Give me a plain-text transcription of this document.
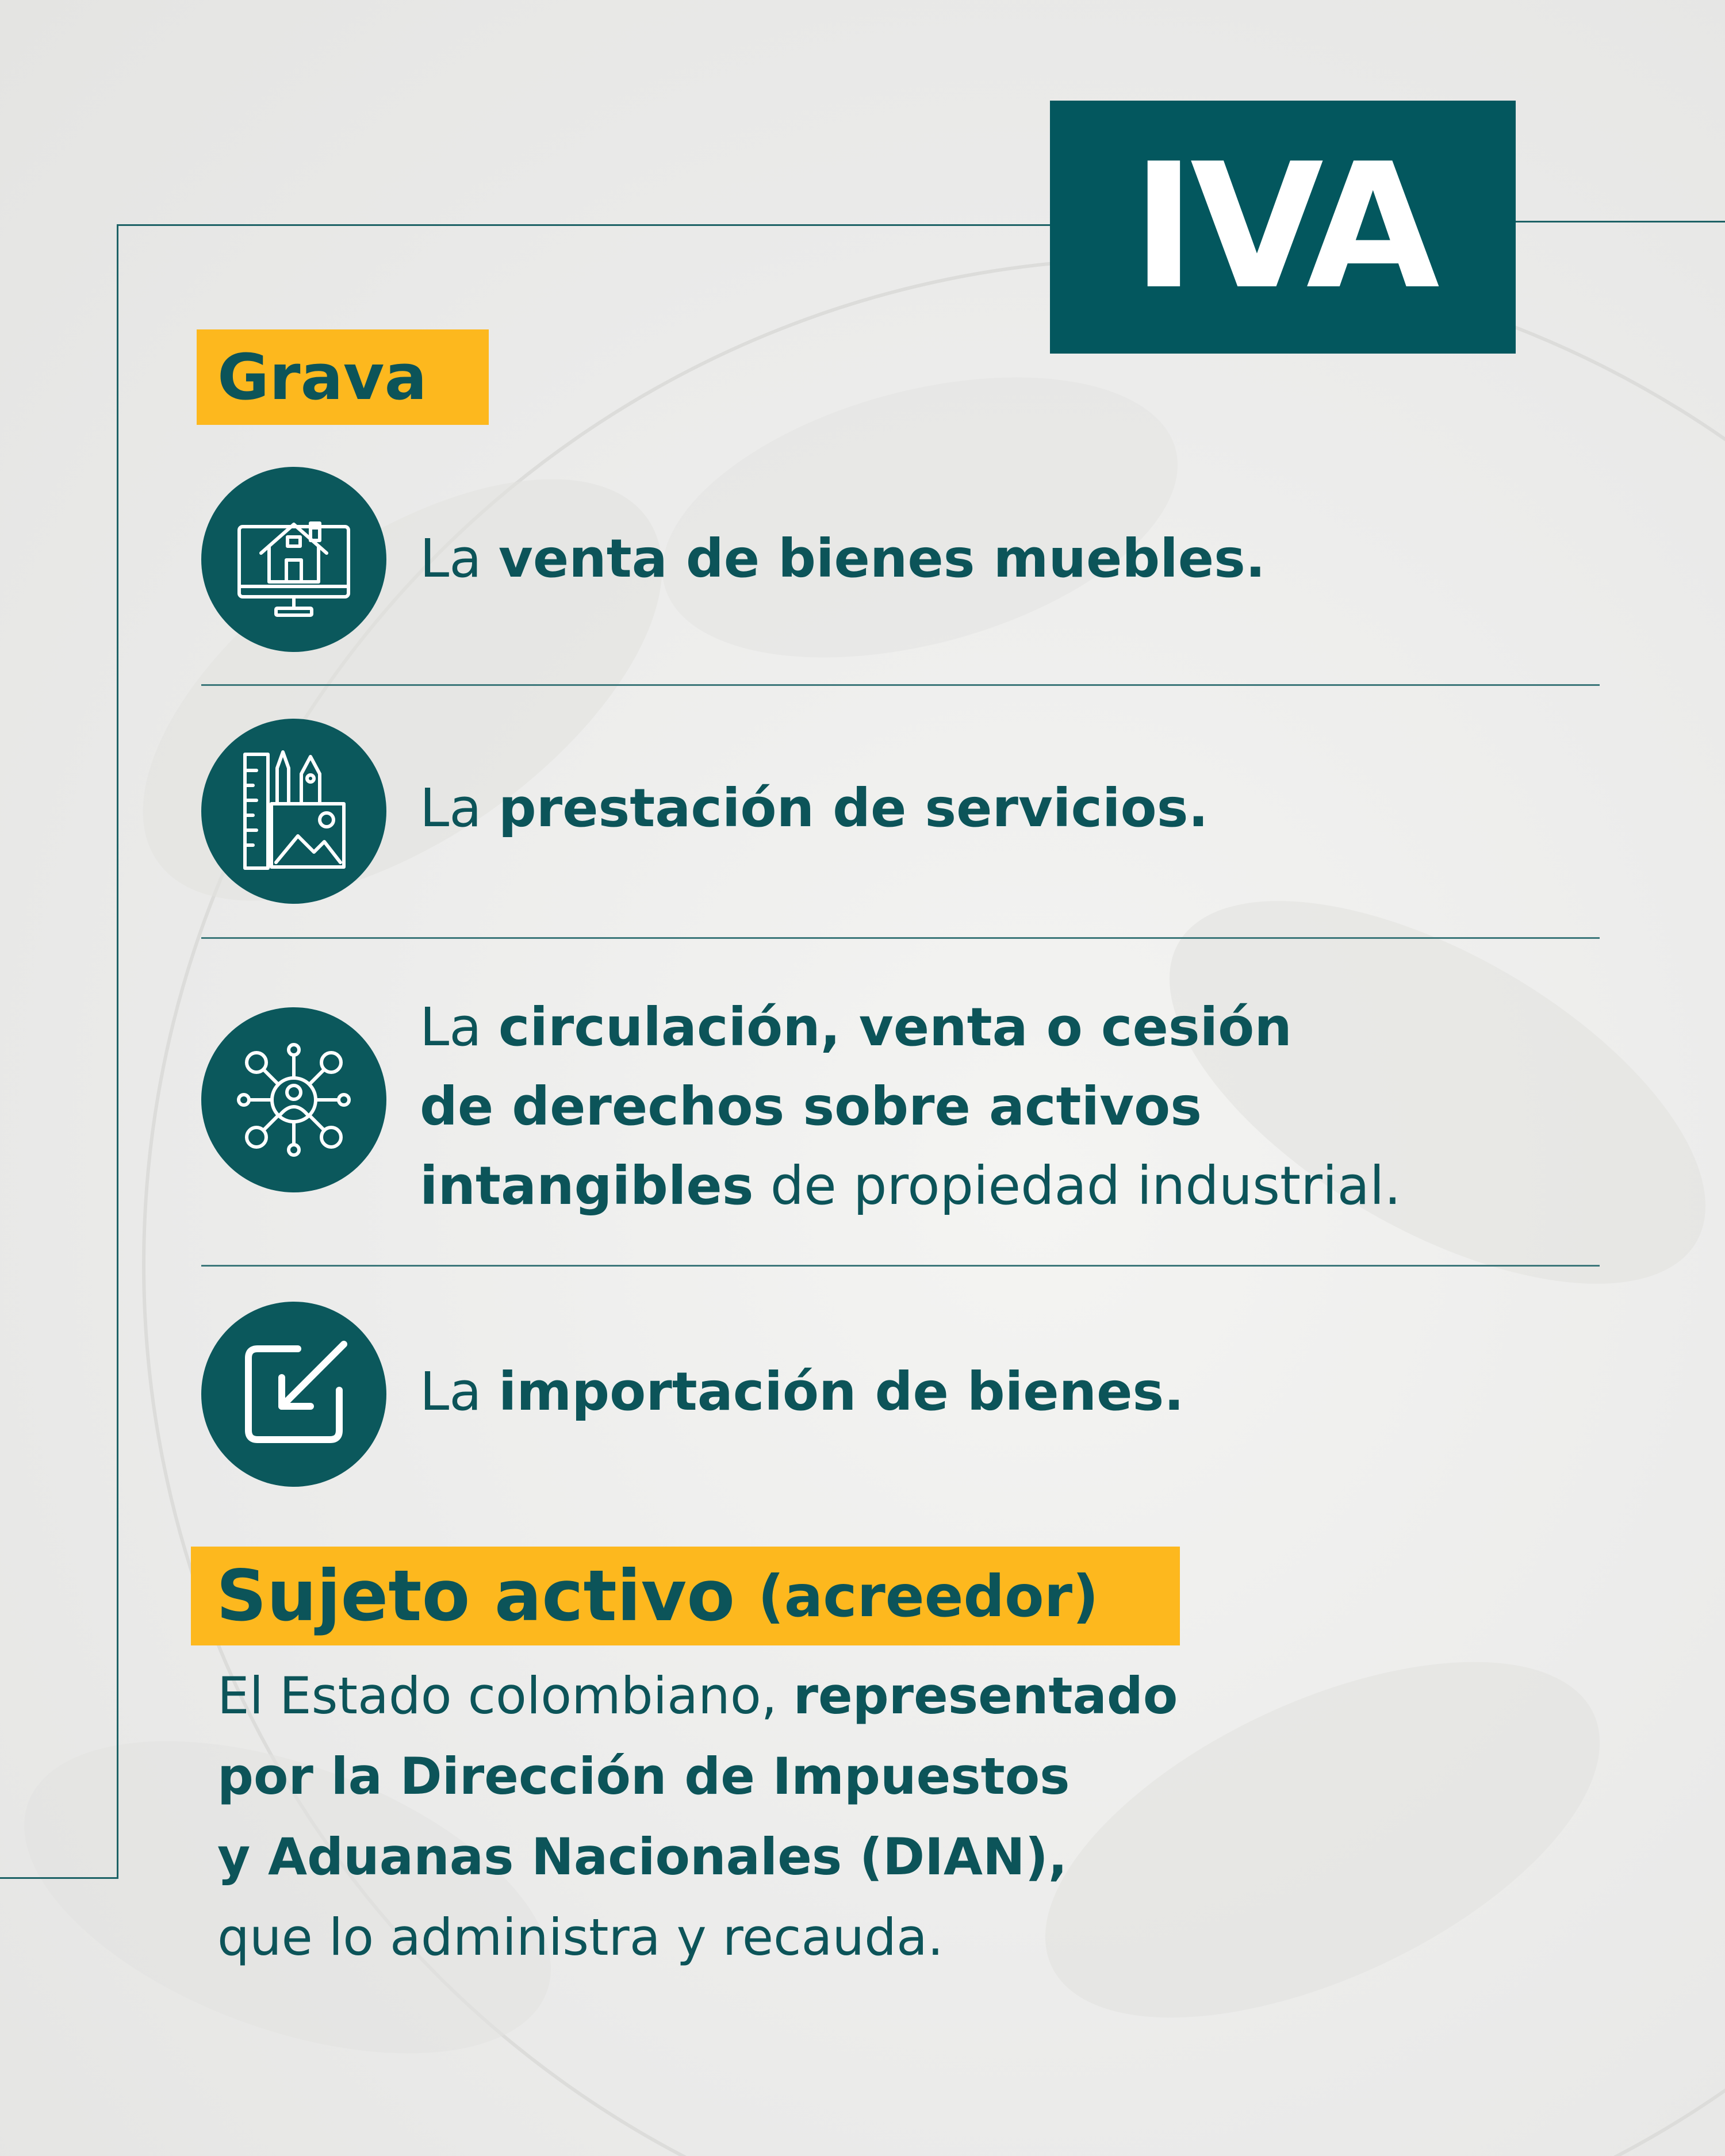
IVA
Grava
La venta de bienes muebles.
La prestación de servicios.
La circulación, venta o cesión
de derechos sobre activos
intangibles de propiedad industrial.
La importación de bienes.
Sujeto activo (acreedor)
El Estado colombiano, representado
por la Dirección de Impuestos
y Aduanas Nacionales (DIAN),
que lo administra y recauda.
